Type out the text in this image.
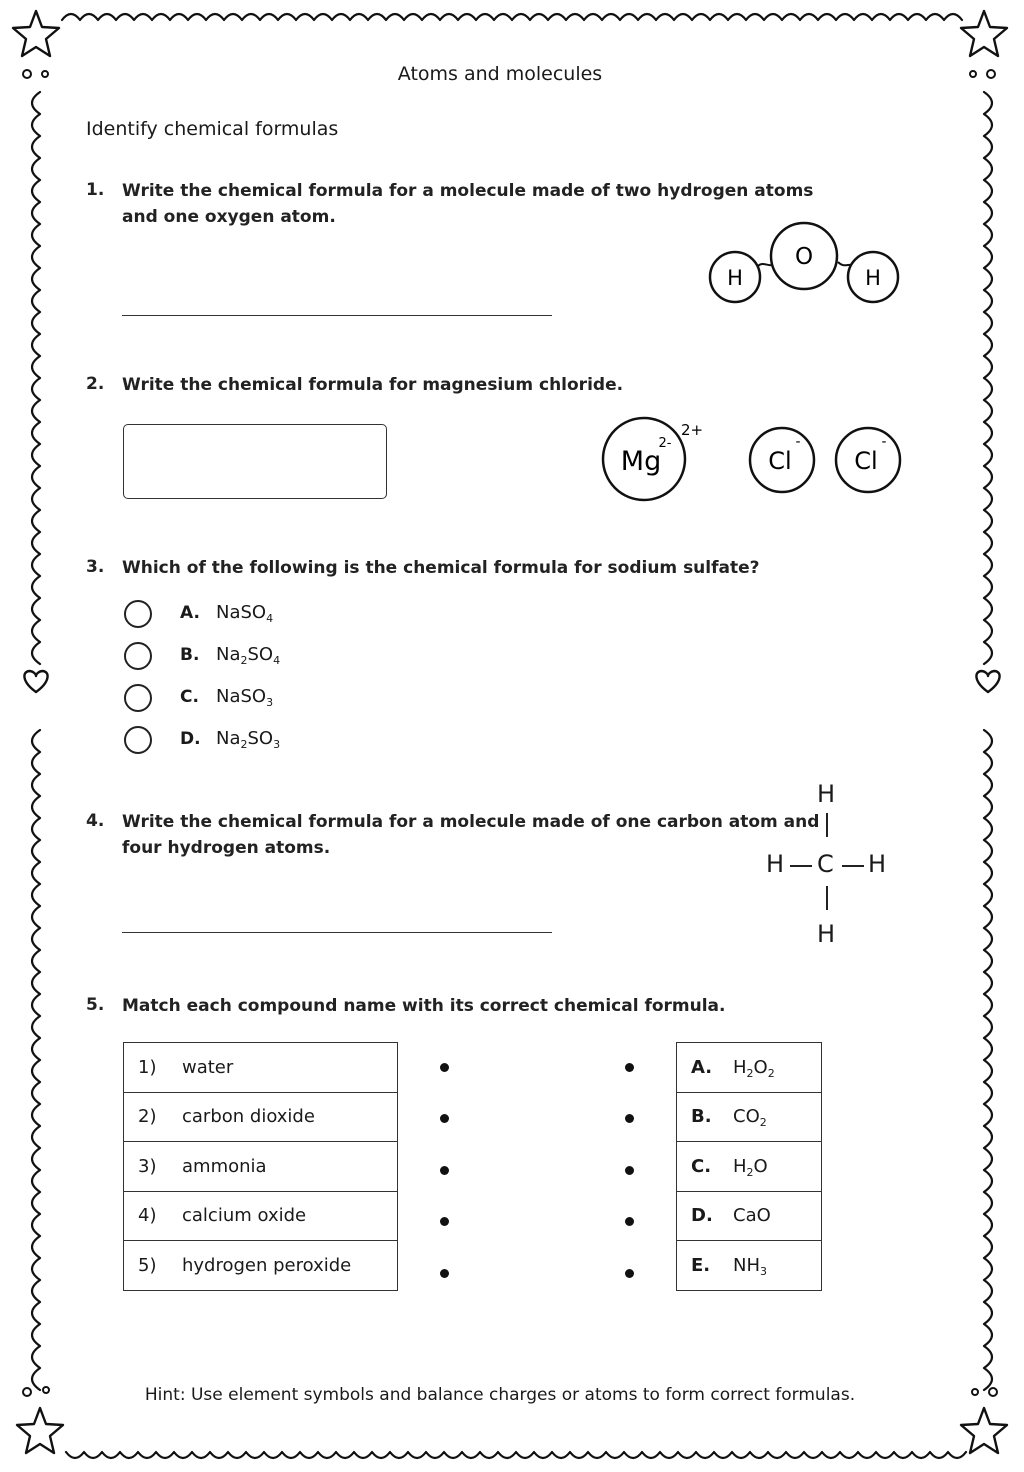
Atoms and molecules
Identify chemical formulas
1. Write the chemical formula for a molecule made of two hydrogen atoms
and one oxygen atom.
H
O
H
2. Write the chemical formula for magnesium chloride.
Mg
2-
2+
Cl
-
Cl
-
3. Which of the following is the chemical formula for sodium sulfate?
A. NaSO$_4$
B. $Na_2SO_4$
C. NaSO$_3$
D. $Na_2SO_3$
4. Write the chemical formula for a molecule made of one carbon atom and
four hydrogen atoms.
H
H C H
H
5. Match each compound name with its correct chemical formula.
1) water
2) carbon dioxide
3) ammonia
4) calcium oxide
5) hydrogen peroxide
A. $H_2O_2$
B. $CO_2$
C. $H_2O$
D. CaO
E. $NH_3$
Hint: Use element symbols and balance charges or atoms to form correct formulas.
